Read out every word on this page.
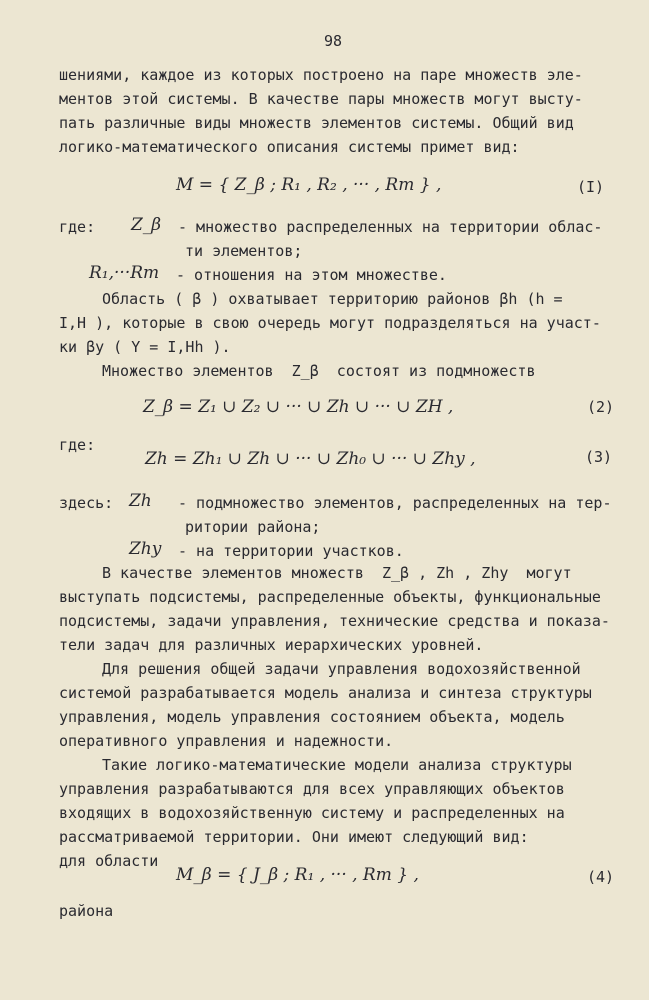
98
шениями, каждое из которых построено на паре множеств эле-
ментов этой системы. В качестве пары множеств могут высту-
пать различные виды множеств элементов системы. Общий вид
логико-математического описания системы примет вид:
M = { Z_β ; R₁ , R₂ , ··· , Rm } ,	(I)
где: Z_β - множество распределенных на территории облас-
ти элементов;
R₁,···Rm - отношения на этом множестве.
Область ( β ) охватывает территорию районов βh (h =
I,H ), которые в свою очередь могут подразделяться на участ-
ки βy ( Y = I,Hh ).
Множество элементов  Z_β  состоят из подмножеств
Z_β = Z₁ ∪ Z₂ ∪ ··· ∪ Zh ∪ ··· ∪ ZH ,	(2)
где:
Zh = Zh₁ ∪ Zh ∪ ··· ∪ Zh₀ ∪ ··· ∪ Zhy ,	(3)
здесь: Zh - подмножество элементов, распределенных на тер-
ритории района;
Zhy - на территории участков.
В качестве элементов множеств  Z_β , Zh , Zhy  могут
выступать подсистемы, распределенные объекты, функциональные
подсистемы, задачи управления, технические средства и показа-
тели задач для различных иерархических уровней.
Для решения общей задачи управления водохозяйственной
системой разрабатывается модель анализа и синтеза структуры
управления, модель управления состоянием объекта, модель
оперативного управления и надежности.
Такие логико-математические модели анализа структуры
управления разрабатываются для всех управляющих объектов
входящих в водохозяйственную систему и распределенных на
рассматриваемой территории. Они имеют следующий вид:
для области
M_β = { J_β ; R₁ , ··· , Rm } ,	(4)
района
